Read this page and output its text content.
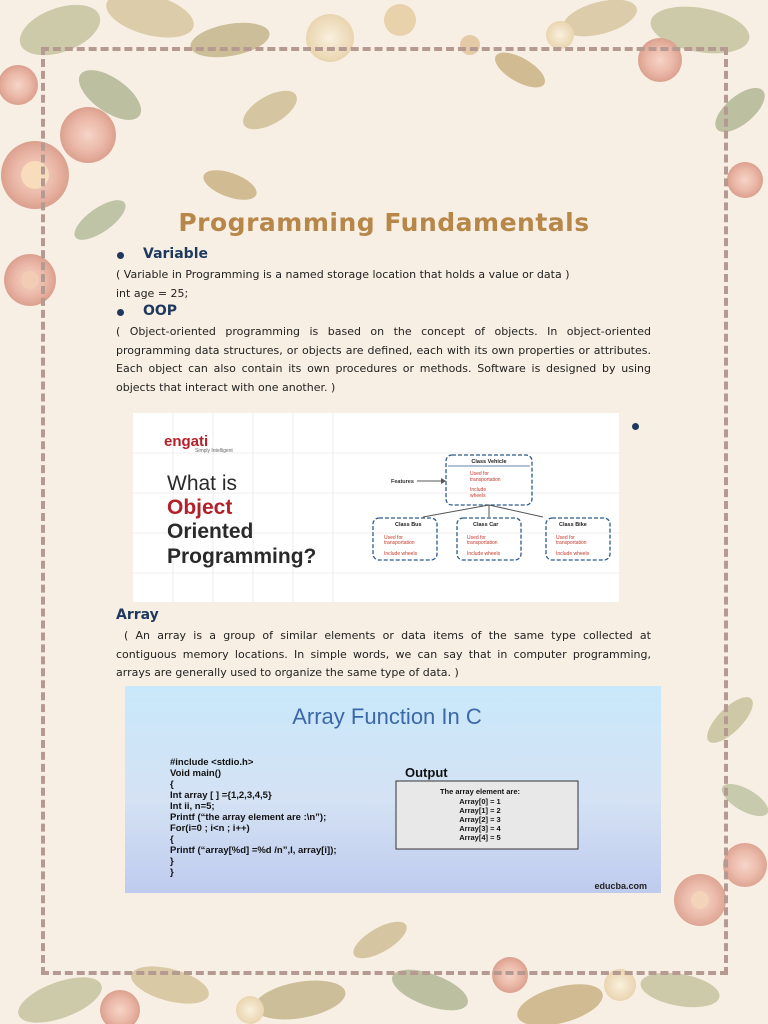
Programming Fundamentals
Variable
( Variable in Programming is a named storage location that holds a value or data )
int age = 25;
OOP
( Object-oriented programming is based on the concept of objects. In object-oriented programming data structures, or objects are defined, each with its own properties or attributes. Each object can also contain its own procedures or methods. Software is designed by using objects that interact with one another. )
engati
Simply Intelligent
What is
Object
Oriented
Programming?
Features
Class Vehicle
Used for
transportation
Include
wheels
Class Bus
Used for
transportation
Include wheels
Class Car
Used for
transportation
Include wheels
Class Bike
Used for
transportation
Include wheels
Array
( An array is a group of similar elements or data items of the same type collected at contiguous memory locations. In simple words, we can say that in computer programming, arrays are generally used to organize the same type of data. )
Array Function In C
#include <stdio.h>
Void main()
{
Int array [ ] ={1,2,3,4,5}
Int ii, n=5;
Printf (“the array element are :\n”);
For(i=0 ; i<n ; i++)
{
Printf (“array[%d] =%d /n”,I, array[i]);
}
}
Output
The array element are:
Array[0] = 1
Array[1] = 2
Array[2] = 3
Array[3] = 4
Array[4] = 5
educba.com
